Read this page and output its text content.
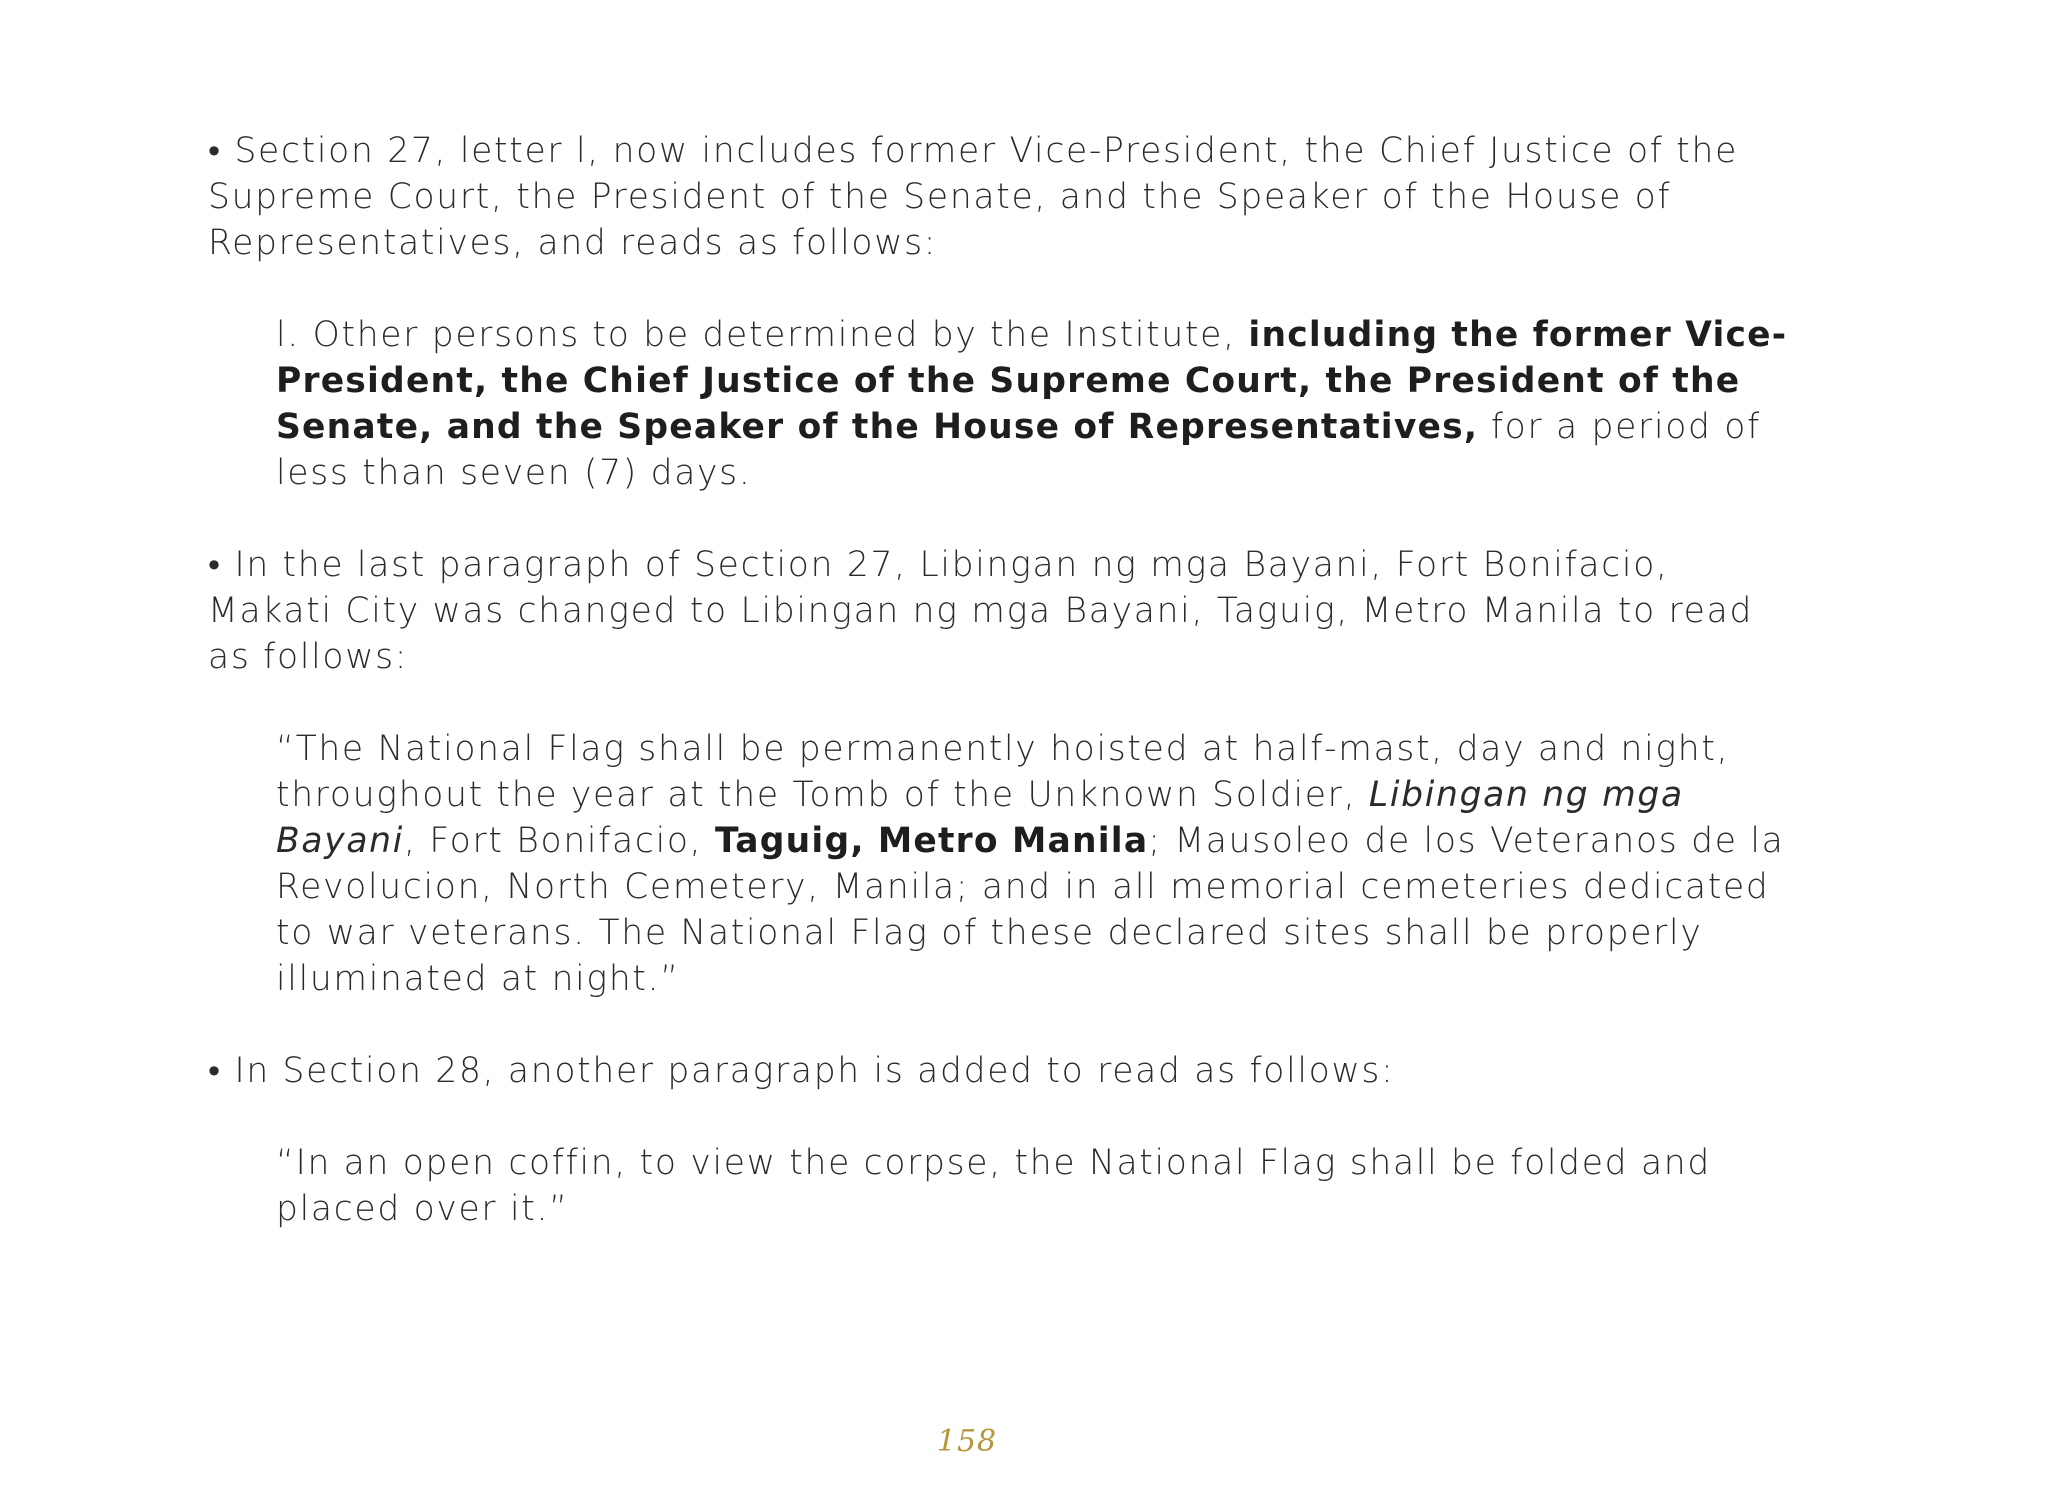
• Section 27, letter l, now includes former Vice-President, the Chief Justice of the Supreme Court, the President of the Senate, and the Speaker of the House of Representatives, and reads as follows:

l. Other persons to be determined by the Institute, including the former Vice-President, the Chief Justice of the Supreme Court, the President of the Senate, and the Speaker of the House of Representatives, for a period of less than seven (7) days.

• In the last paragraph of Section 27, Libingan ng mga Bayani, Fort Bonifacio, Makati City was changed to Libingan ng mga Bayani, Taguig, Metro Manila to read as follows:

“The National Flag shall be permanently hoisted at half-mast, day and night, throughout the year at the Tomb of the Unknown Soldier, Libingan ng mga Bayani, Fort Bonifacio, Taguig, Metro Manila; Mausoleo de los Veteranos de la Revolucion, North Cemetery, Manila; and in all memorial cemeteries dedicated to war veterans. The National Flag of these declared sites shall be properly illuminated at night.”

• In Section 28, another paragraph is added to read as follows:

“In an open coffin, to view the corpse, the National Flag shall be folded and placed over it.”

158
